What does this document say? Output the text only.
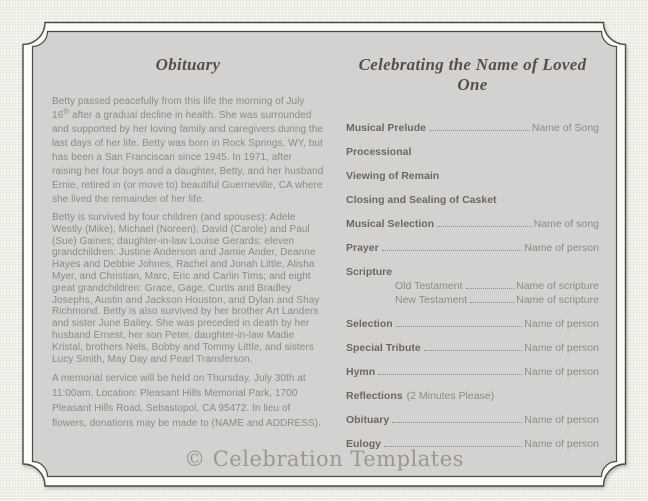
Obituary

Betty passed peacefully from this life the morning of July 16th after a gradual decline in health. She was surrounded and supported by her loving family and caregivers during the last days of her life. Betty was born in Rock Springs, WY, but has been a San Franciscan since 1945. In 1971, after raising her four boys and a daughter, Betty, and her husband Ernie, retired in (or move to) beautiful Guerneville, CA where she lived the remainder of her life.

Betty is survived by four children (and spouses): Adele Westly (Mike), Michael (Noreen), David (Carole) and Paul (Sue) Gaines; daughter-in-law Louise Gerards; eleven grandchildren: Justine Anderson and Jamie Ander, Deanne Hayes and Debbie Johnes, Rachel and Jonah Little, Alisha Myer, and Christian, Marc, Eric and Carlin Tims; and eight great grandchildren: Grace, Gage, Curtis and Bradley Josephs, Austin and Jackson Houston, and Dylan and Shay Richmond. Betty is also survived by her brother Art Landers and sister June Bailey. She was preceded in death by her husband Ernest, her son Peter, daughter-in-law Madie Kristal, brothers Nels, Bobby and Tommy Little, and sisters Lucy Smith, May Day and Pearl Transferson.

A memorial service will be held on Thursday, July 30th at 11:00am. Location: Pleasant Hills Memorial Park, 1700 Pleasant Hills Road, Sebastopol, CA 95472. In lieu of flowers, donations may be made to (NAME and ADDRESS).

Celebrating the Name of Loved One
Musical Prelude	Name of Song
Processional
Viewing of Remain
Closing and Sealing of Casket
Musical Selection	Name of song
Prayer	Name of person
Scripture
Old Testament	Name of scripture
New Testament	Name of scripture
Selection	Name of person
Special Tribute	Name of person
Hymn	Name of person
Reflections (2 Minutes Please)
Obituary	Name of person
Eulogy	Name of person
© Celebration Templates
